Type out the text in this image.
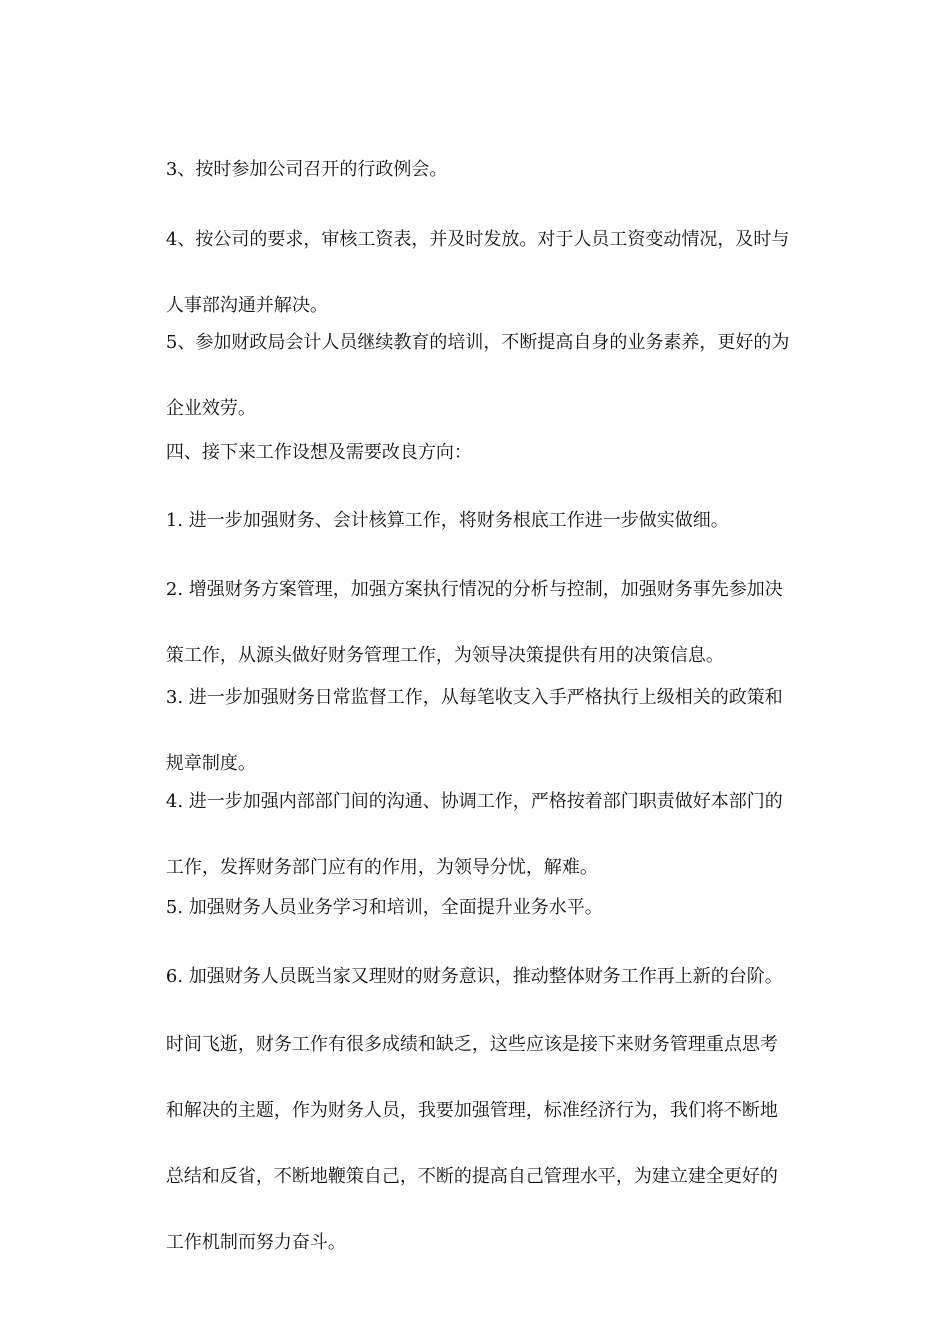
3、按时参加公司召开的行政例会。

4、按公司的要求，审核工资表，并及时发放。对于人员工资变动情况，及时与

人事部沟通并解决。

5、参加财政局会计人员继续教育的培训，不断提高自身的业务素养，更好的为

企业效劳。

四、接下来工作设想及需要改良方向：

1. 进一步加强财务、会计核算工作，将财务根底工作进一步做实做细。

2. 增强财务方案管理，加强方案执行情况的分析与控制，加强财务事先参加决

策工作，从源头做好财务管理工作，为领导决策提供有用的决策信息。

3. 进一步加强财务日常监督工作，从每笔收支入手严格执行上级相关的政策和

规章制度。

4. 进一步加强内部部门间的沟通、协调工作，严格按着部门职责做好本部门的

工作，发挥财务部门应有的作用，为领导分忧，解难。

5. 加强财务人员业务学习和培训，全面提升业务水平。

6. 加强财务人员既当家又理财的财务意识，推动整体财务工作再上新的台阶。

时间飞逝，财务工作有很多成绩和缺乏，这些应该是接下来财务管理重点思考

和解决的主题，作为财务人员，我要加强管理，标准经济行为，我们将不断地

总结和反省，不断地鞭策自己，不断的提高自己管理水平，为建立建全更好的

工作机制而努力奋斗。
